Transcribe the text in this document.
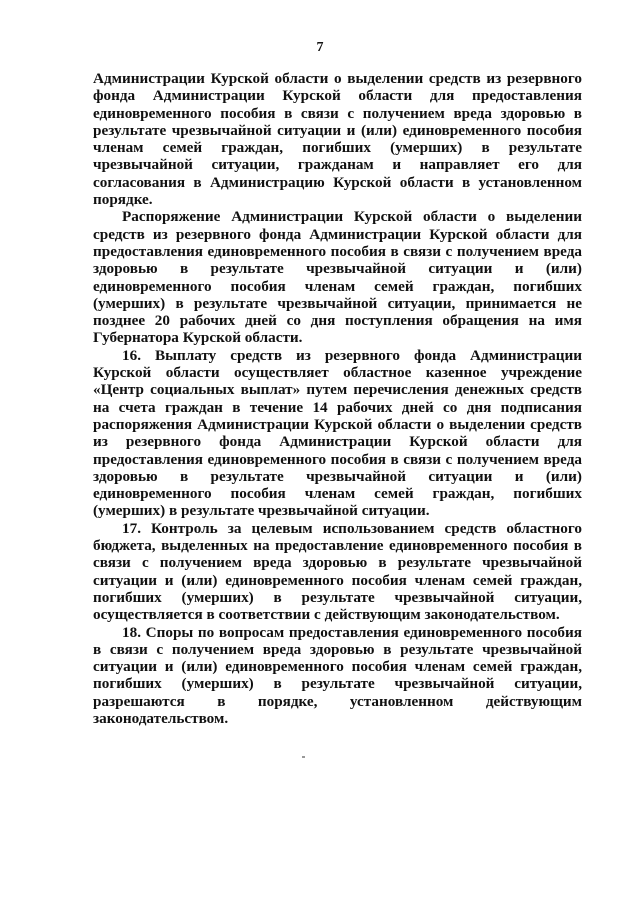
7

Администрации Курской области о выделении средств из резервного фонда Администрации Курской области для предоставления единовременного пособия в связи с получением вреда здоровью в результате чрезвычайной ситуации и (или) единовременного пособия членам семей граждан, погибших (умерших) в результате чрезвычайной ситуации, гражданам и направляет его для согласования в Администрацию Курской области в установленном порядке.

Распоряжение Администрации Курской области о выделении средств из резервного фонда Администрации Курской области для предоставления единовременного пособия в связи с получением вреда здоровью в результате чрезвычайной ситуации и (или) единовременного пособия членам семей граждан, погибших (умерших) в результате чрезвычайной ситуации, принимается не позднее 20 рабочих дней со дня поступления обращения на имя Губернатора Курской области.

16. Выплату средств из резервного фонда Администрации Курской области осуществляет областное казенное учреждение «Центр социальных выплат» путем перечисления денежных средств на счета граждан в течение 14 рабочих дней со дня подписания распоряжения Администрации Курской области о выделении средств из резервного фонда Администрации Курской области для предоставления единовременного пособия в связи с получением вреда здоровью в результате чрезвычайной ситуации и (или) единовременного пособия членам семей граждан, погибших (умерших) в результате чрезвычайной ситуации.

17. Контроль за целевым использованием средств областного бюджета, выделенных на предоставление единовременного пособия в связи с получением вреда здоровью в результате чрезвычайной ситуации и (или) единовременного пособия членам семей граждан, погибших (умерших) в результате чрезвычайной ситуации, осуществляется в соответствии с действующим законодательством.

18. Споры по вопросам предоставления единовременного пособия в связи с получением вреда здоровью в результате чрезвычайной ситуации и (или) единовременного пособия членам семей граждан, погибших (умерших) в результате чрезвычайной ситуации, разрешаются в порядке, установленном действующим законодательством.
